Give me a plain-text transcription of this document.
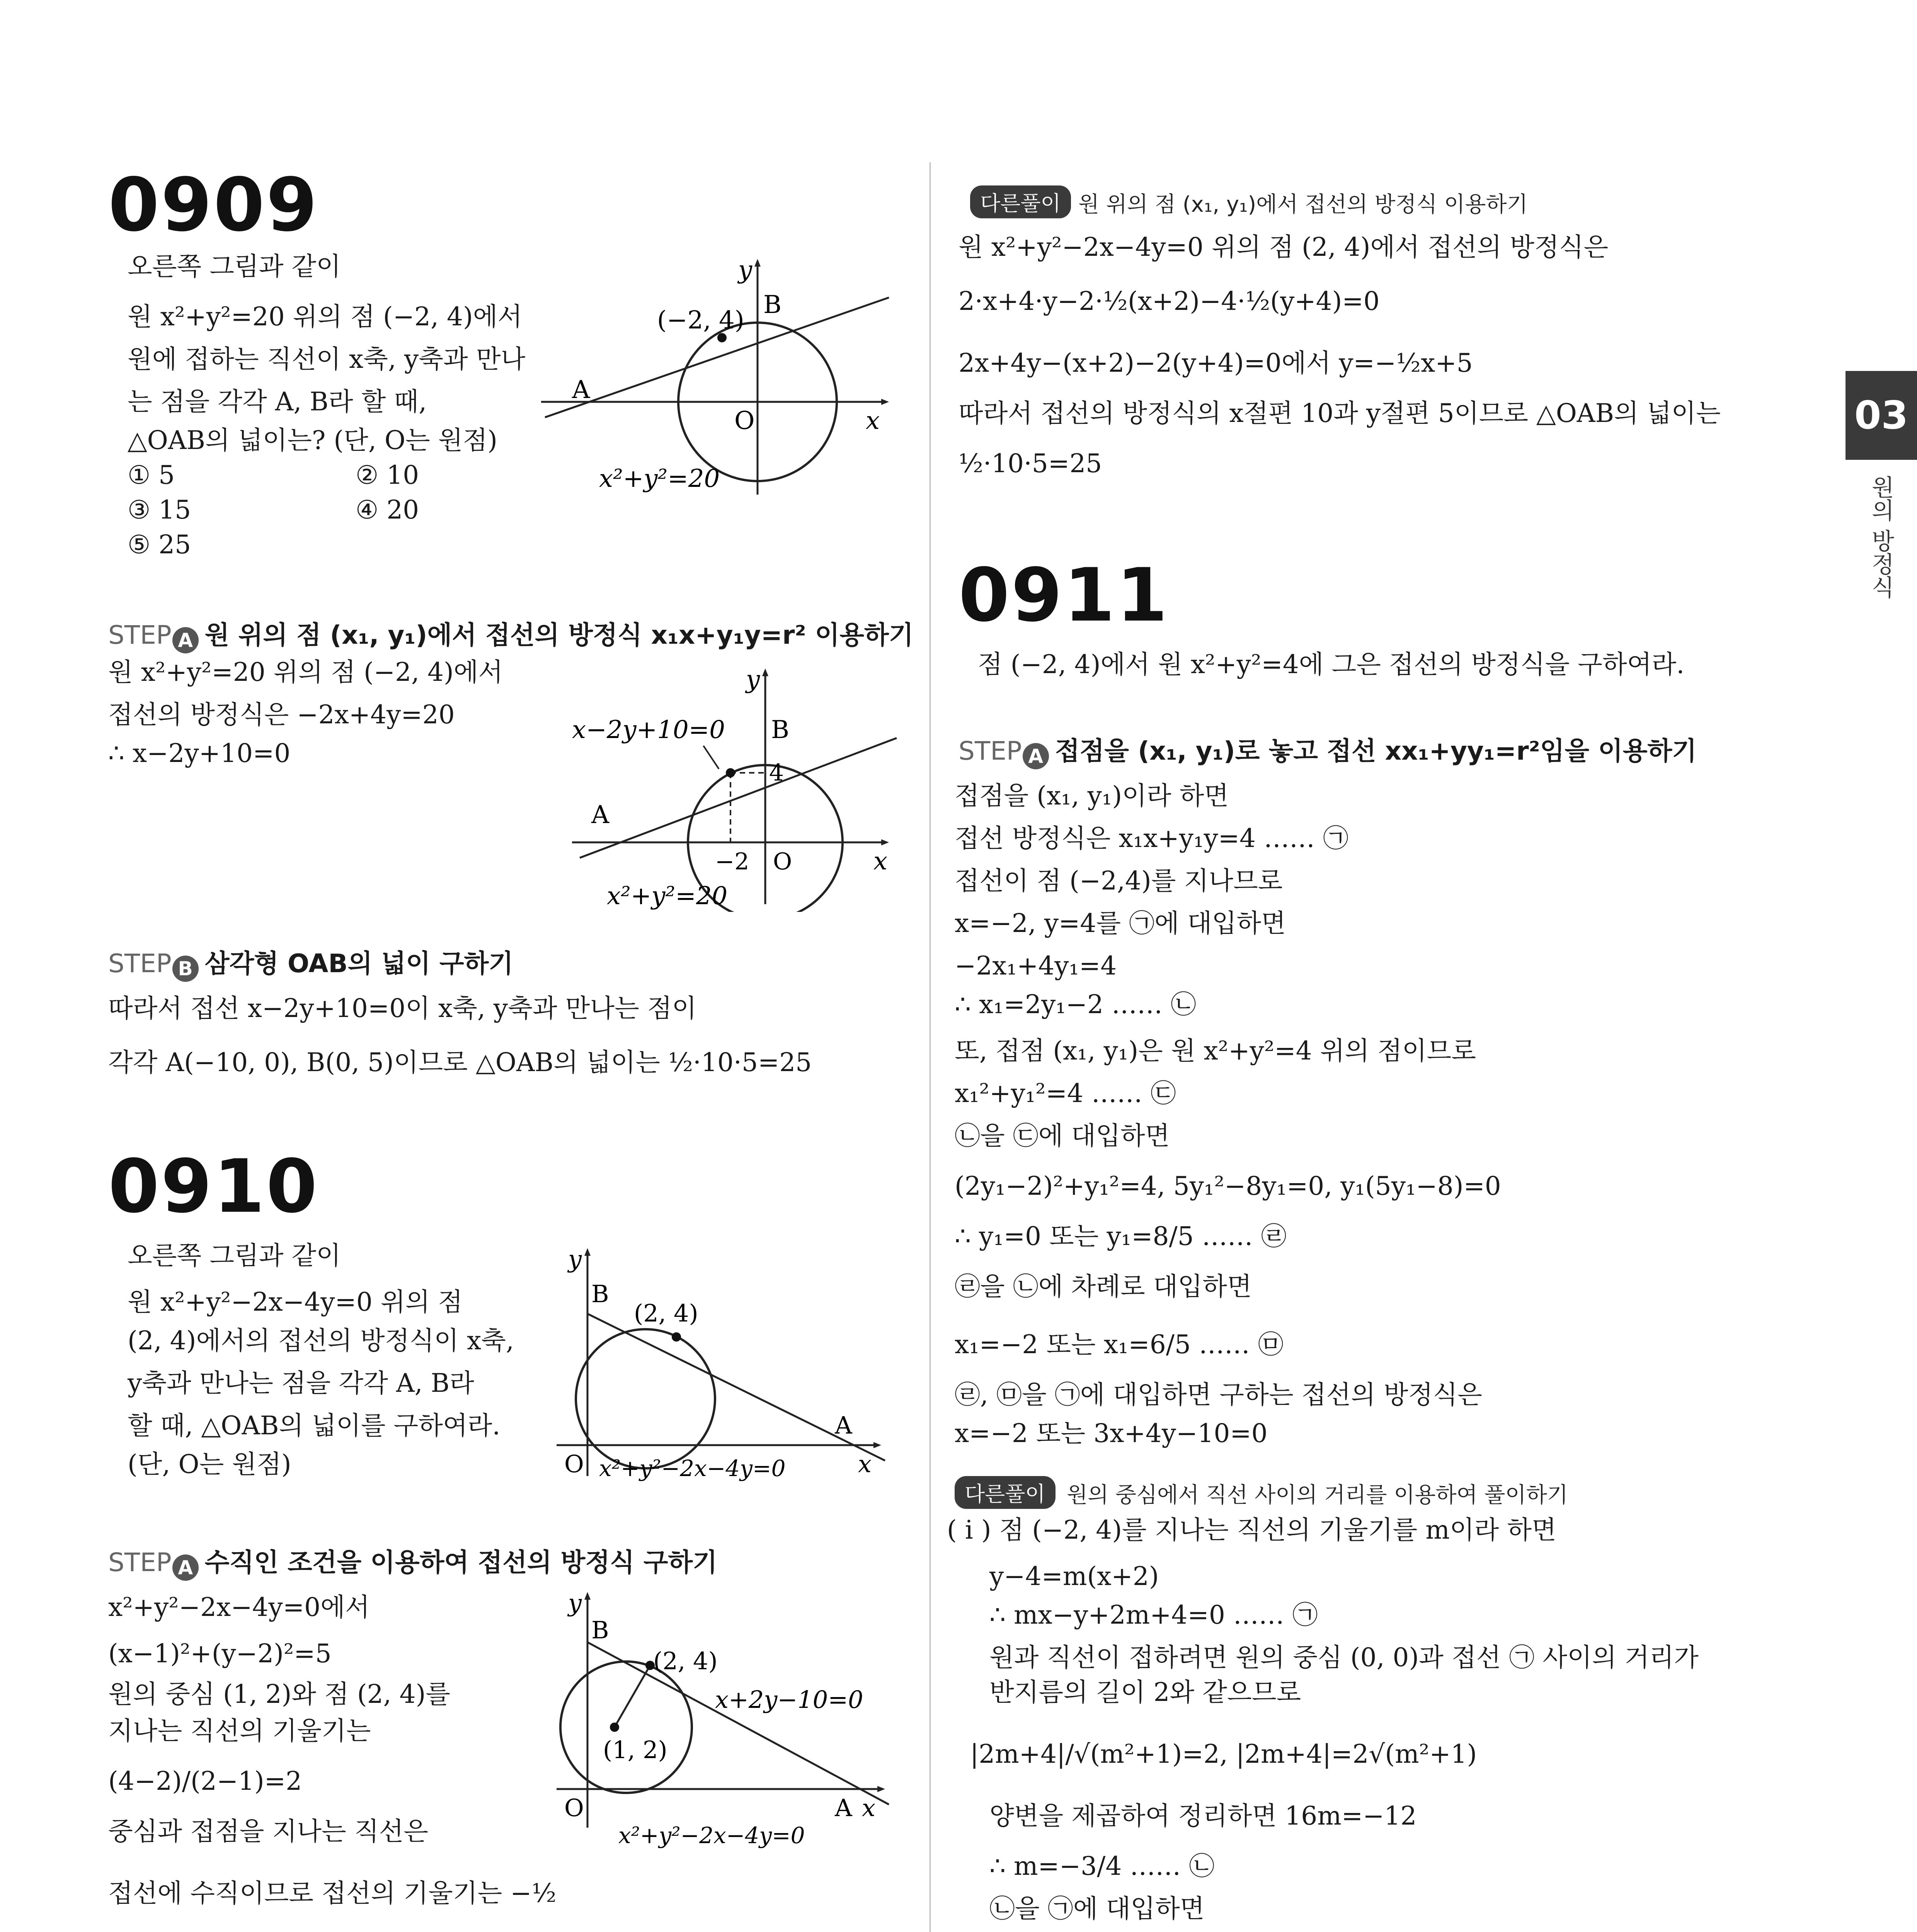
0909
오른쪽 그림과 같이
원 x²+y²=20 위의 점 (−2, 4)에서
원에 접하는 직선이 x축, y축과 만나
는 점을 각각 A, B라 할 때,
△OAB의 넓이는? (단, O는 원점)
① 5	② 10
③ 15	④ 20
⑤ 25
(−2, 4)
B
A
O	x
y
x²+y²=20
STEP A 원 위의 점 (x₁, y₁)에서 접선의 방정식 x₁x+y₁y=r² 이용하기
원 x²+y²=20 위의 점 (−2, 4)에서
접선의 방정식은 −2x+4y=20
∴ x−2y+10=0
x−2y+10=0 B
A
4
−2 O	x
y
x²+y²=20
STEP B 삼각형 OAB의 넓이 구하기
따라서 접선 x−2y+10=0이 x축, y축과 만나는 점이
각각 A(−10, 0), B(0, 5)이므로 △OAB의 넓이는 ½·10·5=25
0910
오른쪽 그림과 같이
원 x²+y²−2x−4y=0 위의 점
(2, 4)에서의 접선의 방정식이 x축,
y축과 만나는 점을 각각 A, B라
할 때, △OAB의 넓이를 구하여라.
(단, O는 원점)
(2, 4)
B
A
O	x
y
x²+y²−2x−4y=0
STEP A 수직인 조건을 이용하여 접선의 방정식 구하기
x²+y²−2x−4y=0에서
(x−1)²+(y−2)²=5
원의 중심 (1, 2)와 점 (2, 4)를
지나는 직선의 기울기는
(4−2)/(2−1)=2
중심과 접점을 지나는 직선은
접선에 수직이므로 접선의 기울기는 −½
(2, 4)
(1, 2)
x+2y−10=0
B
A
O	x
y
x²+y²−2x−4y=0
다른풀이 원 위의 점 (x₁, y₁)에서 접선의 방정식 이용하기
원 x²+y²−2x−4y=0 위의 점 (2, 4)에서 접선의 방정식은
2·x+4·y−2·½(x+2)−4·½(y+4)=0
2x+4y−(x+2)−2(y+4)=0에서 y=−½x+5
따라서 접선의 방정식의 x절편 10과 y절편 5이므로 △OAB의 넓이는
½·10·5=25
03
원의 방정식
0911
점 (−2, 4)에서 원 x²+y²=4에 그은 접선의 방정식을 구하여라.
STEP A 접점을 (x₁, y₁)로 놓고 접선 xx₁+yy₁=r²임을 이용하기
접점을 (x₁, y₁)이라 하면
접선 방정식은 x₁x+y₁y=4 …… ㉠
접선이 점 (−2,4)를 지나므로
x=−2, y=4를 ㉠에 대입하면
−2x₁+4y₁=4
∴ x₁=2y₁−2 …… ㉡
또, 접점 (x₁, y₁)은 원 x²+y²=4 위의 점이므로
x₁²+y₁²=4 …… ㉢
㉡을 ㉢에 대입하면
(2y₁−2)²+y₁²=4, 5y₁²−8y₁=0, y₁(5y₁−8)=0
∴ y₁=0 또는 y₁=8/5 …… ㉣
㉣을 ㉡에 차례로 대입하면
x₁=−2 또는 x₁=6/5 …… ㉤
㉣, ㉤을 ㉠에 대입하면 구하는 접선의 방정식은
x=−2 또는 3x+4y−10=0
다른풀이 원의 중심에서 직선 사이의 거리를 이용하여 풀이하기
( i ) 점 (−2, 4)를 지나는 직선의 기울기를 m이라 하면
y−4=m(x+2)
∴ mx−y+2m+4=0 …… ㉠
원과 직선이 접하려면 원의 중심 (0, 0)과 접선 ㉠ 사이의 거리가
반지름의 길이 2와 같으므로
|2m+4|/√(m²+1)=2, |2m+4|=2√(m²+1)
양변을 제곱하여 정리하면 16m=−12
∴ m=−3/4 …… ㉡
㉡을 ㉠에 대입하면
